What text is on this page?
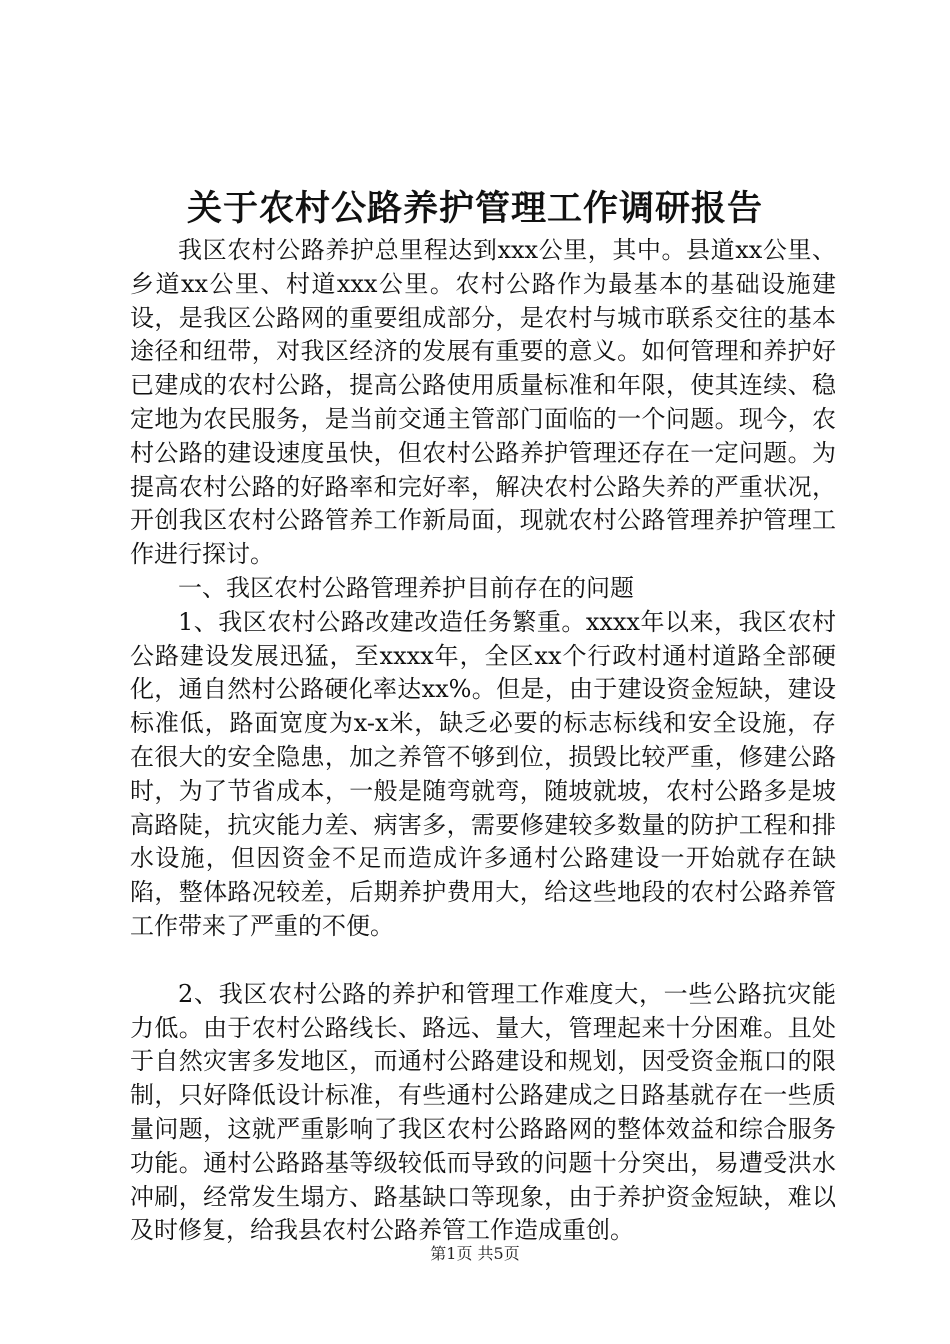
关于农村公路养护管理工作调研报告

我区农村公路养护总里程达到xxx公里，其中。县道xx公里、乡道xx公里、村道xxx公里。农村公路作为最基本的基础设施建设，是我区公路网的重要组成部分，是农村与城市联系交往的基本途径和纽带，对我区经济的发展有重要的意义。如何管理和养护好已建成的农村公路，提高公路使用质量标准和年限，使其连续、稳定地为农民服务，是当前交通主管部门面临的一个问题。现今，农村公路的建设速度虽快，但农村公路养护管理还存在一定问题。为提高农村公路的好路率和完好率，解决农村公路失养的严重状况，开创我区农村公路管养工作新局面，现就农村公路管理养护管理工作进行探讨。

一、我区农村公路管理养护目前存在的问题

1、我区农村公路改建改造任务繁重。xxxx年以来，我区农村公路建设发展迅猛，至xxxx年，全区xx个行政村通村道路全部硬化，通自然村公路硬化率达xx%。但是，由于建设资金短缺，建设标准低，路面宽度为x-x米，缺乏必要的标志标线和安全设施，存在很大的安全隐患，加之养管不够到位，损毁比较严重，修建公路时，为了节省成本，一般是随弯就弯，随坡就坡，农村公路多是坡高路陡，抗灾能力差、病害多，需要修建较多数量的防护工程和排水设施，但因资金不足而造成许多通村公路建设一开始就存在缺陷，整体路况较差，后期养护费用大，给这些地段的农村公路养管工作带来了严重的不便。

2、我区农村公路的养护和管理工作难度大，一些公路抗灾能力低。由于农村公路线长、路远、量大，管理起来十分困难。且处于自然灾害多发地区，而通村公路建设和规划，因受资金瓶口的限制，只好降低设计标准，有些通村公路建成之日路基就存在一些质量问题，这就严重影响了我区农村公路路网的整体效益和综合服务功能。通村公路路基等级较低而导致的问题十分突出，易遭受洪水冲刷，经常发生塌方、路基缺口等现象，由于养护资金短缺，难以及时修复，给我县农村公路养管工作造成重创。

第1页 共5页
